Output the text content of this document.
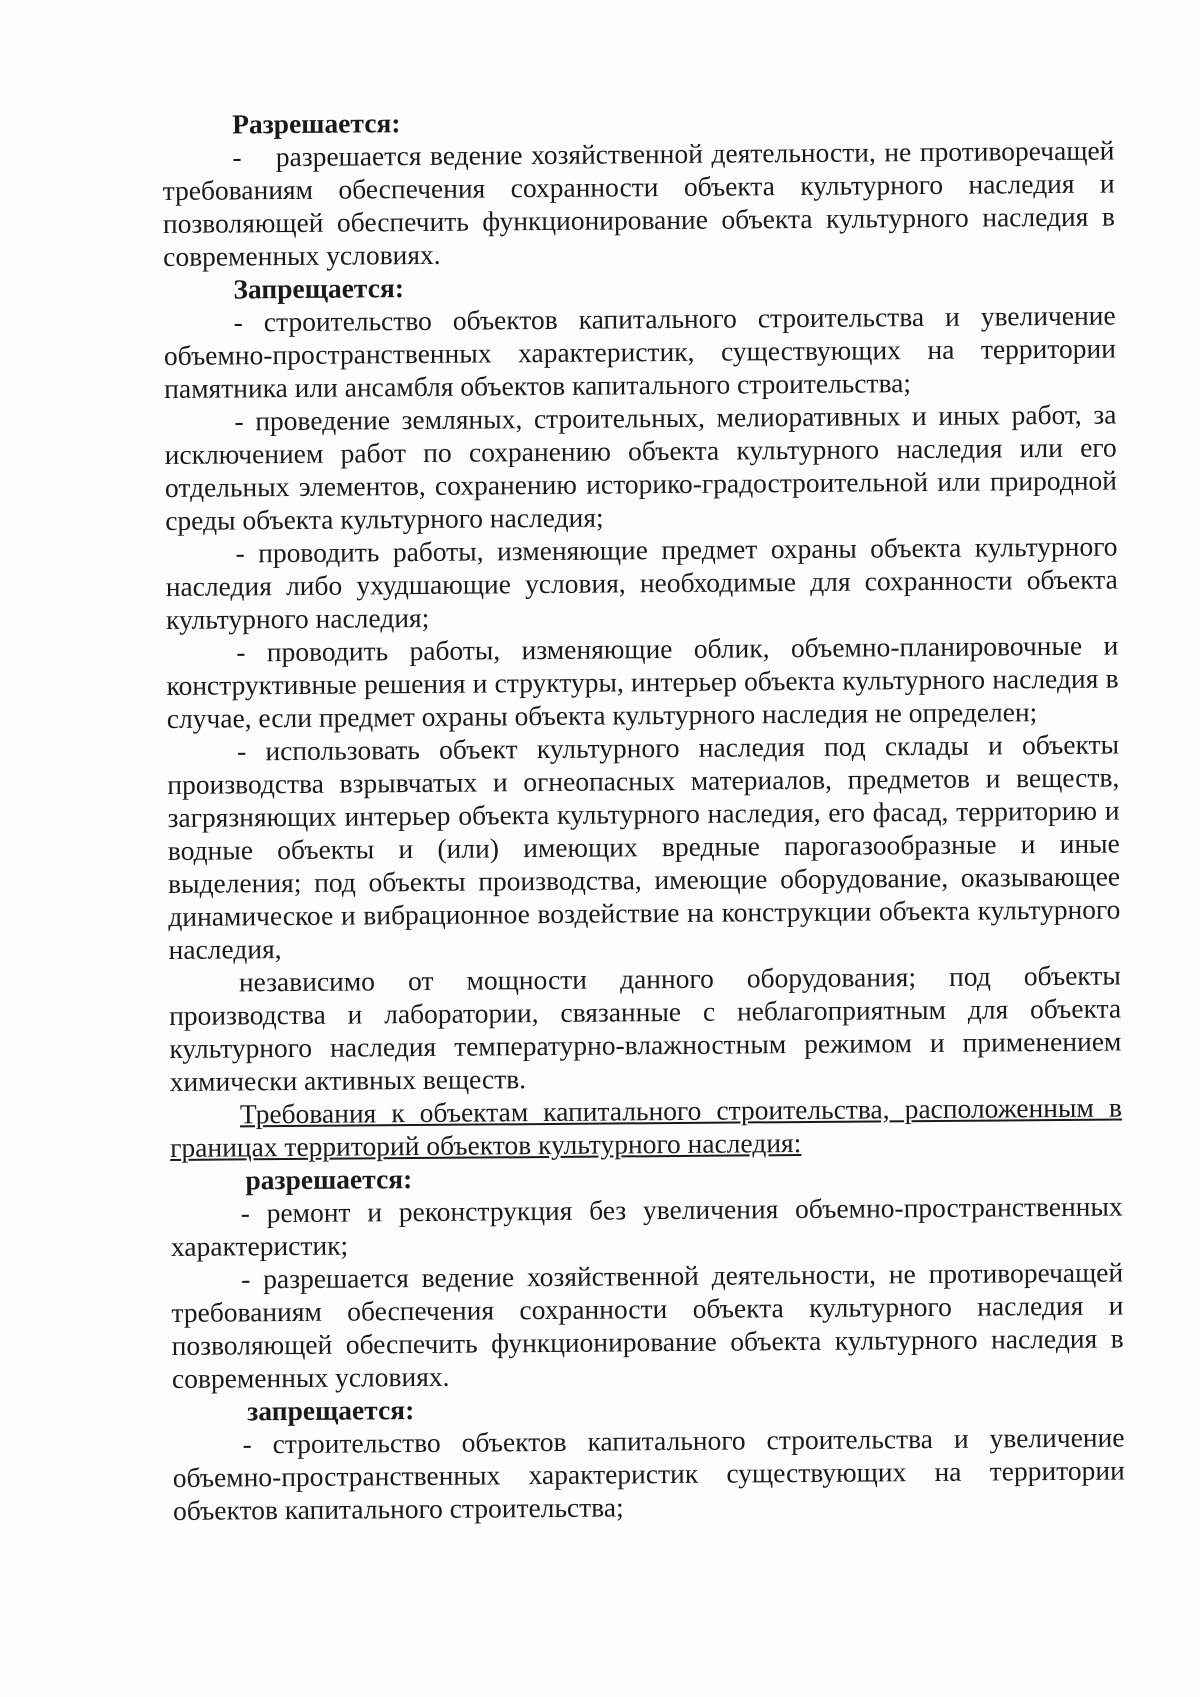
Разрешается:

-    разрешается ведение хозяйственной деятельности, не противоречащей требованиям обеспечения сохранности объекта культурного наследия и позволяющей обеспечить функционирование объекта культурного наследия в современных условиях.

Запрещается:

- строительство объектов капитального строительства и увеличение объемно-пространственных характеристик, существующих на территории памятника или ансамбля объектов капитального строительства;

- проведение земляных, строительных, мелиоративных и иных работ, за исключением работ по сохранению объекта культурного наследия или его отдельных элементов, сохранению историко-градостроительной или природной среды объекта культурного наследия;

- проводить работы, изменяющие предмет охраны объекта культурного наследия либо ухудшающие условия, необходимые для сохранности объекта культурного наследия;

- проводить работы, изменяющие облик, объемно-планировочные и конструктивные решения и структуры, интерьер объекта культурного наследия в случае, если предмет охраны объекта культурного наследия не определен;

- использовать объект культурного наследия под склады и объекты производства взрывчатых и огнеопасных материалов, предметов и веществ, загрязняющих интерьер объекта культурного наследия, его фасад, территорию и водные объекты и (или) имеющих вредные парогазообразные и иные выделения; под объекты производства, имеющие оборудование, оказывающее динамическое и вибрационное воздействие на конструкции объекта культурного наследия,

независимо от мощности данного оборудования; под объекты производства и лаборатории, связанные с неблагоприятным для объекта культурного наследия температурно-влажностным режимом и применением химически активных веществ.

Требования к объектам капитального строительства, расположенным в границах территорий объектов культурного наследия:

разрешается:

- ремонт и реконструкция без увеличения объемно-пространственных характеристик;

- разрешается ведение хозяйственной деятельности, не противоречащей требованиям обеспечения сохранности объекта культурного наследия и позволяющей обеспечить функционирование объекта культурного наследия в современных условиях.

запрещается:

- строительство объектов капитального строительства и увеличение объемно-пространственных характеристик существующих на территории объектов капитального строительства;
